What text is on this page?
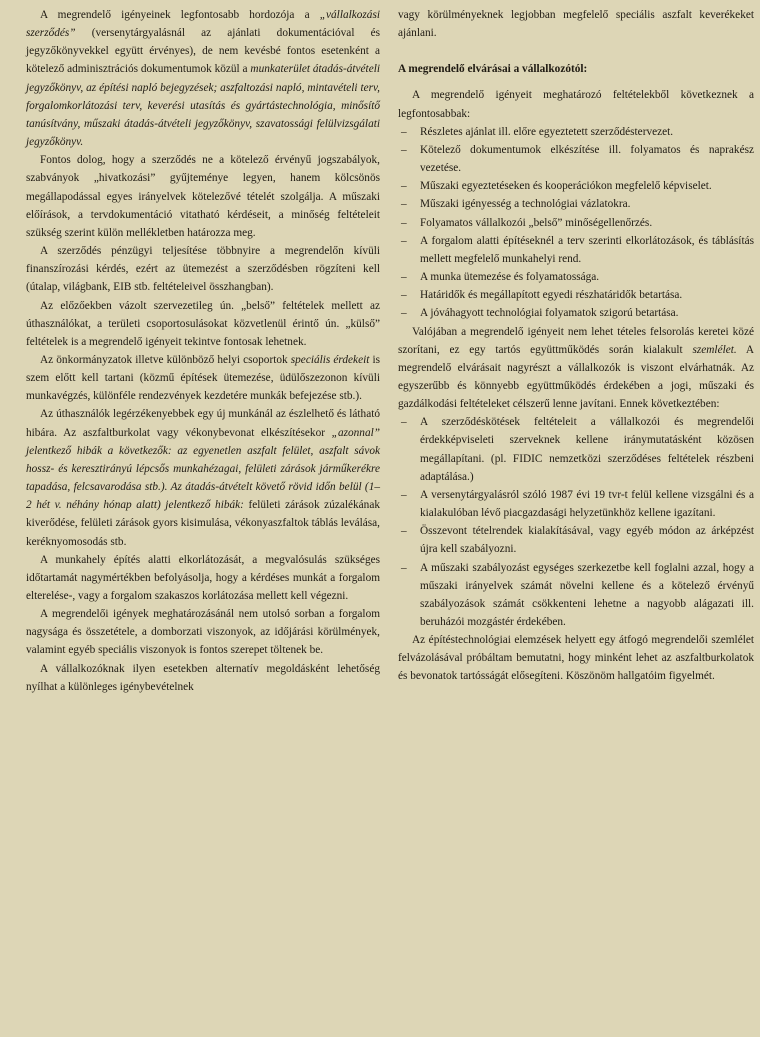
A megrendelő igényeinek legfontosabb hordozója a „vállalkozási szerződés” (versenytárgyalásnál az ajánlati dokumentációval és jegyzőkönyvekkel együtt érvényes), de nem kevésbé fontos esetenként a kötelező adminisztrációs dokumentumok közül a munkaterület átadás-átvételi jegyzőkönyv, az építési napló bejegyzések; aszfaltozási napló, mintavételi terv, forgalomkorlátozási terv, keverési utasítás és gyártástechnológia, minősítő tanúsítvány, műszaki átadás-átvételi jegyzőkönyv, szavatossági felülvizsgálati jegyzőkönyv.

Fontos dolog, hogy a szerződés ne a kötelező érvényű jogszabályok, szabványok „hivatkozási” gyűjteménye legyen, hanem kölcsönös megállapodással egyes irányelvek kötelezővé tételét szolgálja. A műszaki előírások, a tervdokumentáció vitatható kérdéseit, a minőség feltételeit szükség szerint külön mellékletben határozza meg.

A szerződés pénzügyi teljesítése többnyire a megrendelőn kívüli finanszírozási kérdés, ezért az ütemezést a szerződésben rögzíteni kell (útalap, világbank, EIB stb. feltételeivel összhangban).

Az előzőekben vázolt szervezetileg ún. „belső” feltételek mellett az úthasználókat, a területi csoportosulásokat közvetlenül érintő ún. „külső” feltételek is a megrendelő igényeit tekintve fontosak lehetnek.

Az önkormányzatok illetve különböző helyi csoportok speciális érdekeit is szem előtt kell tartani (közmű építések ütemezése, üdülőszezonon kívüli munkavégzés, különféle rendezvények kezdetére munkák befejezése stb.).

Az úthasználók legérzékenyebbek egy új munkánál az észlelhető és látható hibára. Az aszfaltburkolat vagy vékonybevonat elkészítésekor „azonnal” jelentkező hibák a következők: az egyenetlen aszfalt felület, aszfalt sávok hossz- és keresztirányú lépcsős munkahézagai, felületi zárások járműkerékre tapadása, felcsavarodása stb.). Az átadás-átvételt követő rövid időn belül (1–2 hét v. néhány hónap alatt) jelentkező hibák: felületi zárások zúzalékának kiverődése, felületi zárások gyors kisimulása, vékonyaszfaltok táblás leválása, keréknyomosodás stb.

A munkahely építés alatti elkorlátozását, a megvalósulás szükséges időtartamát nagymértékben befolyásolja, hogy a kérdéses munkát a forgalom elterelése-, vagy a forgalom szakaszos korlátozása mellett kell végezni.

A megrendelői igények meghatározásánál nem utolsó sorban a forgalom nagysága és összetétele, a domborzati viszonyok, az időjárási körülmények, valamint egyéb speciális viszonyok is fontos szerepet töltenek be.

A vállalkozóknak ilyen esetekben alternatív megoldásként lehetőség nyílhat a különleges igénybevételnek

vagy körülményeknek legjobban megfelelő speciális aszfalt keverékeket ajánlani.

A megrendelő elvárásai a vállalkozótól:

A megrendelő igényeit meghatározó feltételekből következnek a legfontosabbak:

– Részletes ajánlat ill. előre egyeztetett szerződéstervezet.
– Kötelező dokumentumok elkészítése ill. folyamatos és naprakész vezetése.
– Műszaki egyeztetéseken és kooperációkon megfelelő képviselet.
– Műszaki igényesség a technológiai vázlatokra.
– Folyamatos vállalkozói „belső” minőségellenőrzés.
– A forgalom alatti építéseknél a terv szerinti elkorlátozások, és táblásítás mellett megfelelő munkahelyi rend.
– A munka ütemezése és folyamatossága.
– Határidők és megállapított egyedi részhatáridők betartása.
– A jóváhagyott technológiai folyamatok szigorú betartása.

Valójában a megrendelő igényeit nem lehet tételes felsorolás keretei közé szorítani, ez egy tartós együttműködés során kialakult szemlélet. A megrendelő elvárásait nagyrészt a vállalkozók is viszont elvárhatnák. Az egyszerűbb és könnyebb együttműködés érdekében a jogi, műszaki és gazdálkodási feltételeket célszerű lenne javítani. Ennek következtében:

– A szerződéskötések feltételeit a vállalkozói és megrendelői érdekképviseleti szerveknek kellene iránymutatásként közösen megállapítani. (pl. FIDIC nemzetközi szerződéses feltételek részbeni adaptálása.)
– A versenytárgyalásról szóló 1987 évi 19 tvr-t felül kellene vizsgálni és a kialakulóban lévő piacgazdasági helyzetünkhöz kellene igazítani.
– Összevont tételrendek kialakításával, vagy egyéb módon az árképzést újra kell szabályozni.
– A műszaki szabályozást egységes szerkezetbe kell foglalni azzal, hogy a műszaki irányelvek számát növelni kellene és a kötelező érvényű szabályozások számát csökkenteni lehetne a nagyobb alágazati ill. beruházói mozgástér érdekében.

Az építéstechnológiai elemzések helyett egy átfogó megrendelői szemlélet felvázolásával próbáltam bemutatni, hogy minként lehet az aszfaltburkolatok és bevonatok tartósságát elősegíteni. Köszönöm hallgatóim figyelmét.
